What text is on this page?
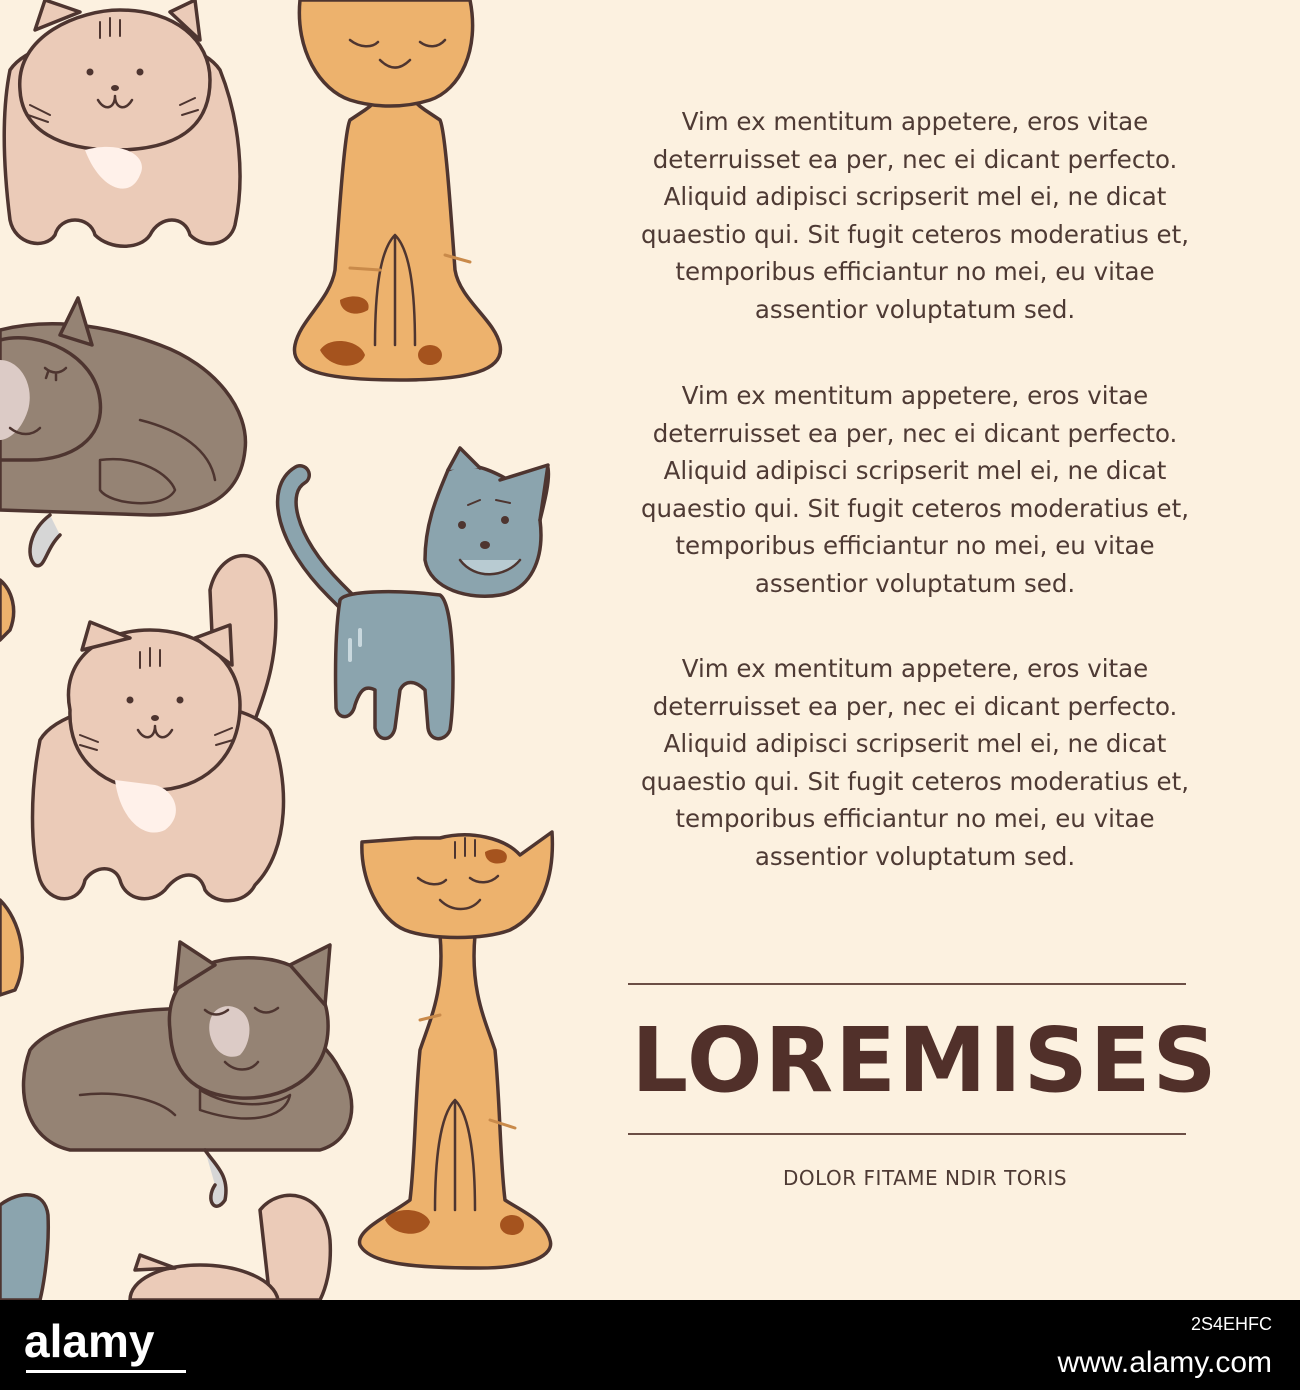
Vim ex mentitum appetere, eros vitae
deterruisset ea per, nec ei dicant perfecto.
Aliquid adipisci scripserit mel ei, ne dicat
quaestio qui. Sit fugit ceteros moderatius et,
temporibus efficiantur no mei, eu vitae
assentior voluptatum sed.

Vim ex mentitum appetere, eros vitae
deterruisset ea per, nec ei dicant perfecto.
Aliquid adipisci scripserit mel ei, ne dicat
quaestio qui. Sit fugit ceteros moderatius et,
temporibus efficiantur no mei, eu vitae
assentior voluptatum sed.

Vim ex mentitum appetere, eros vitae
deterruisset ea per, nec ei dicant perfecto.
Aliquid adipisci scripserit mel ei, ne dicat
quaestio qui. Sit fugit ceteros moderatius et,
temporibus efficiantur no mei, eu vitae
assentior voluptatum sed.

LOREMISES
DOLOR FITAME NDIR TORIS
alamy	2S4EHFC
www.alamy.com
